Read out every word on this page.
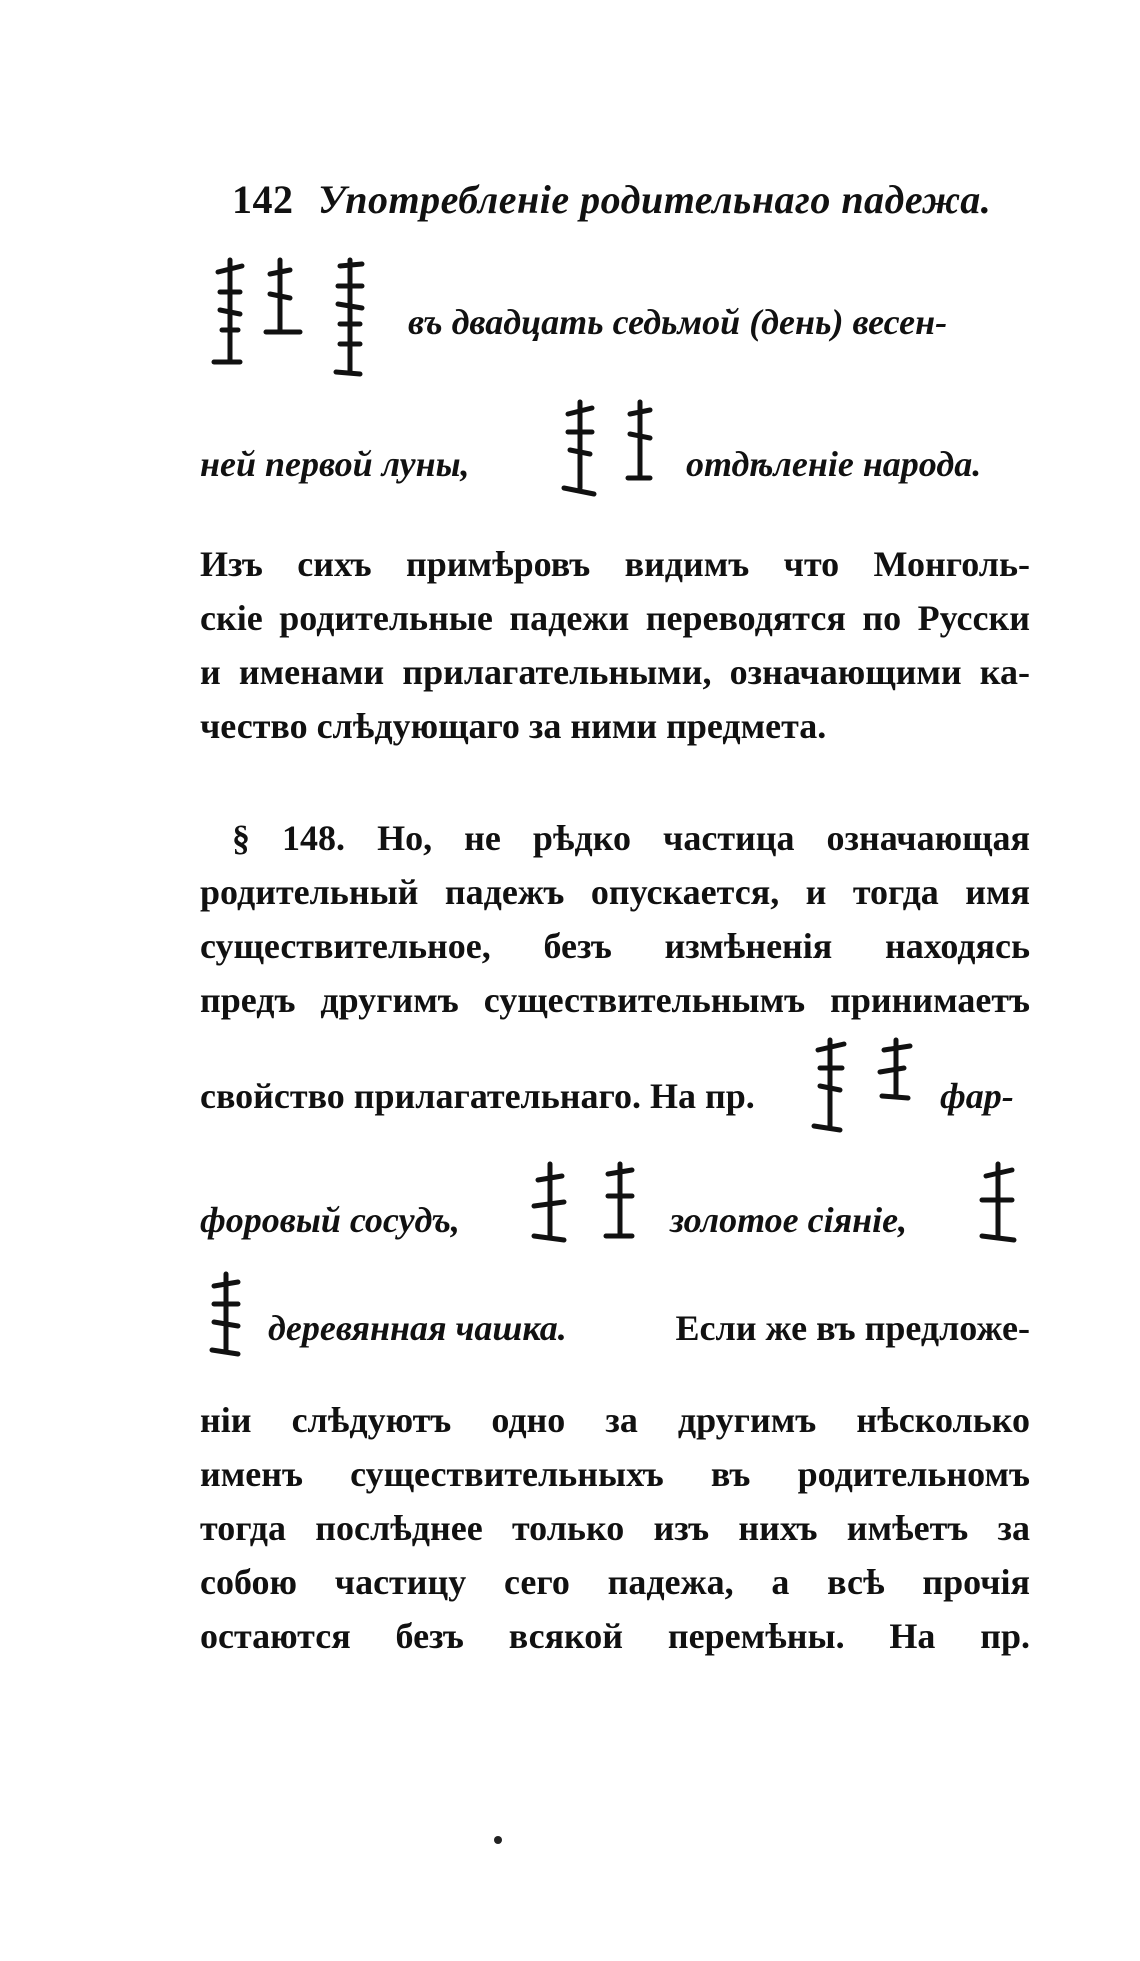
142 Употребленіе родительнаго падежа.
въ двадцать седьмой (день) весен-
ней первой луны,	отдѣленіе народа.
Изъ сихъ примѣровъ видимъ что Монголь-
скіе родительные падежи переводятся по Русски
и именами прилагательными, означающими ка-
чество слѣдующаго за ними предмета.
§ 148. Но, не рѣдко частица означающая
родительный падежъ опускается, и тогда имя
существительное, безъ измѣненія находясь
предъ другимъ существительнымъ принимаетъ
свойство прилагательнаго. На пр.	фар-
форовый сосудъ,	золотое сіяніе,
деревянная чашка.	Если же въ предложе-
ніи слѣдуютъ одно за другимъ нѣсколько
именъ существительныхъ въ родительномъ
тогда послѣднее только изъ нихъ имѣетъ за
собою частицу сего падежа, а всѣ прочія
остаются безъ всякой перемѣны. На пр.
